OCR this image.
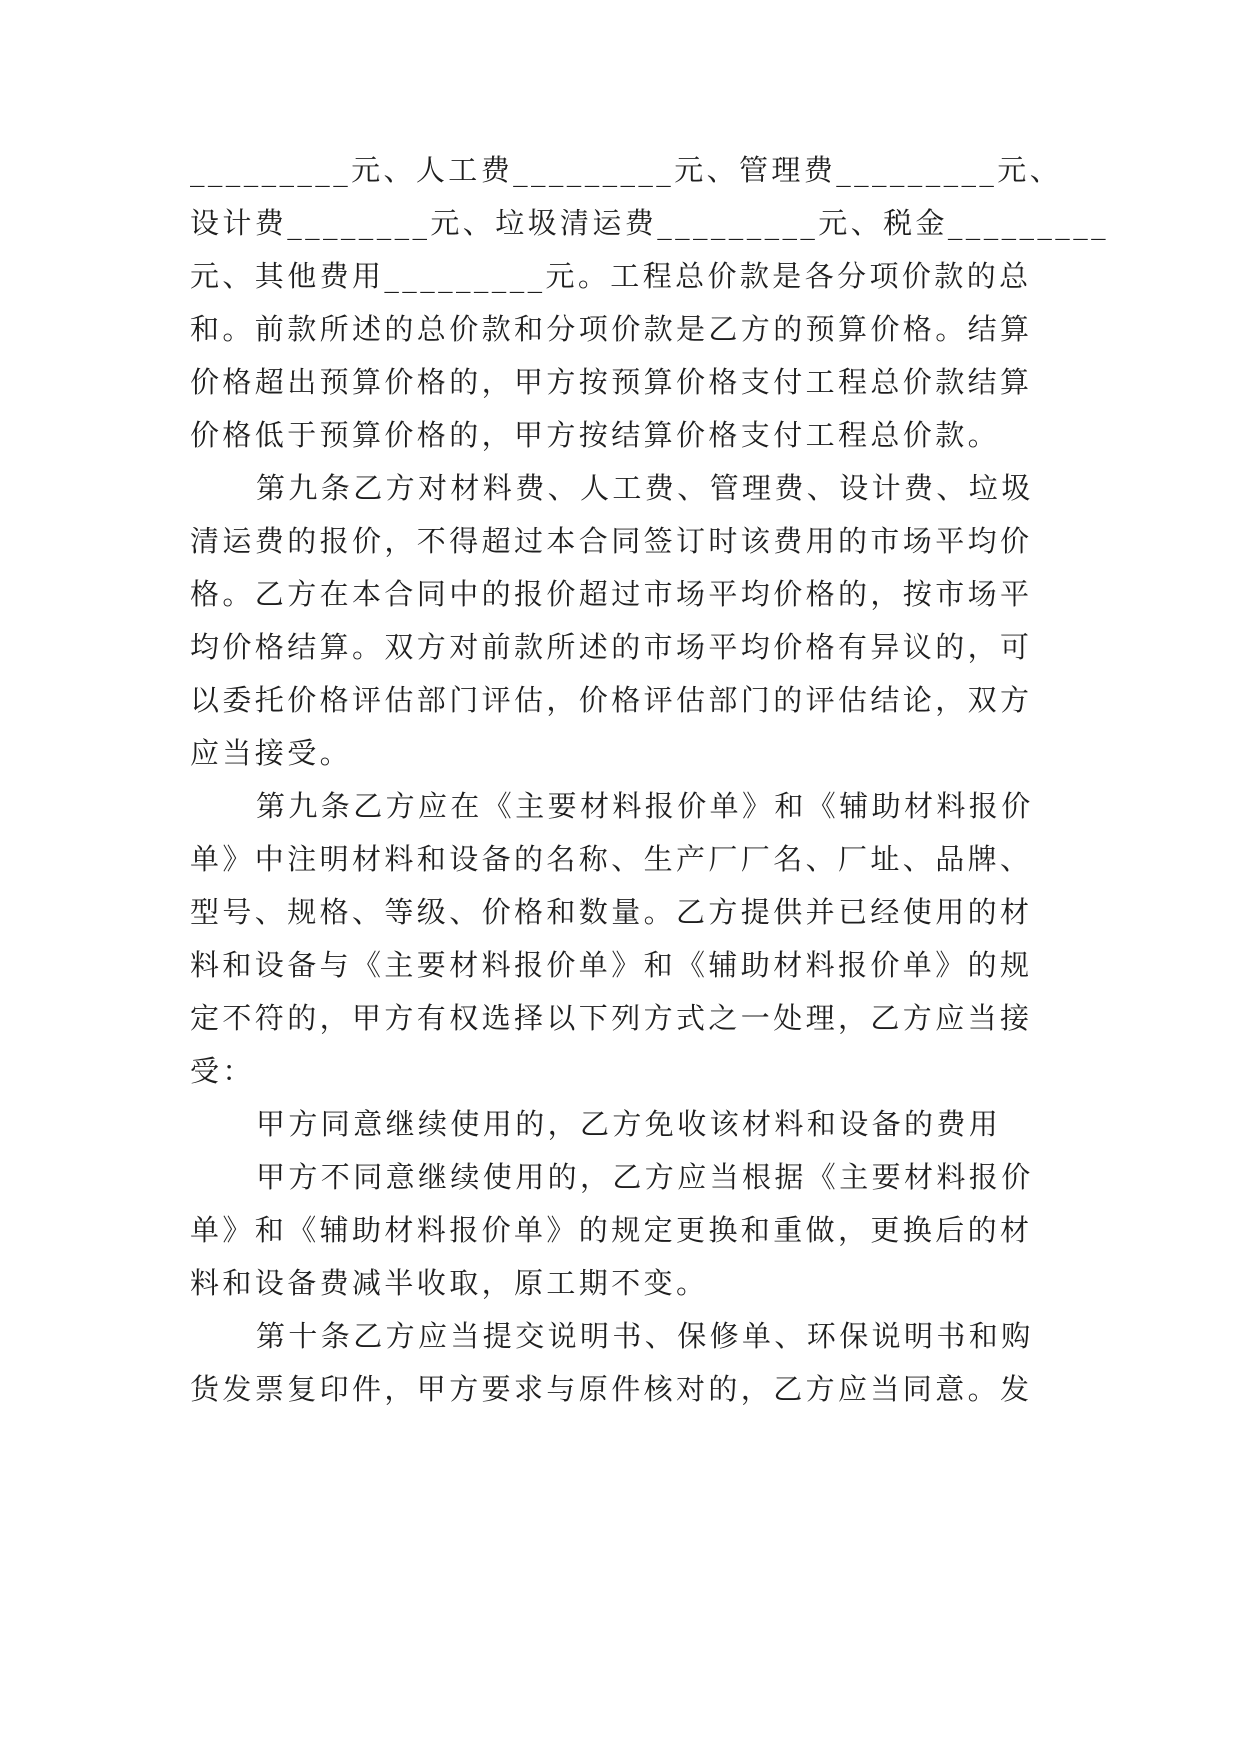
_________元、人工费_________元、管理费_________元、
设计费________元、垃圾清运费_________元、税金_________
元、其他费用_________元。工程总价款是各分项价款的总
和。前款所述的总价款和分项价款是乙方的预算价格。结算
价格超出预算价格的，甲方按预算价格支付工程总价款结算
价格低于预算价格的，甲方按结算价格支付工程总价款。
第九条乙方对材料费、人工费、管理费、设计费、垃圾
清运费的报价，不得超过本合同签订时该费用的市场平均价
格。乙方在本合同中的报价超过市场平均价格的，按市场平
均价格结算。双方对前款所述的市场平均价格有异议的，可
以委托价格评估部门评估，价格评估部门的评估结论，双方
应当接受。
第九条乙方应在《主要材料报价单》和《辅助材料报价
单》中注明材料和设备的名称、生产厂厂名、厂址、品牌、
型号、规格、等级、价格和数量。乙方提供并已经使用的材
料和设备与《主要材料报价单》和《辅助材料报价单》的规
定不符的，甲方有权选择以下列方式之一处理，乙方应当接
受：
甲方同意继续使用的，乙方免收该材料和设备的费用
甲方不同意继续使用的，乙方应当根据《主要材料报价
单》和《辅助材料报价单》的规定更换和重做，更换后的材
料和设备费减半收取，原工期不变。
第十条乙方应当提交说明书、保修单、环保说明书和购
货发票复印件，甲方要求与原件核对的，乙方应当同意。发
